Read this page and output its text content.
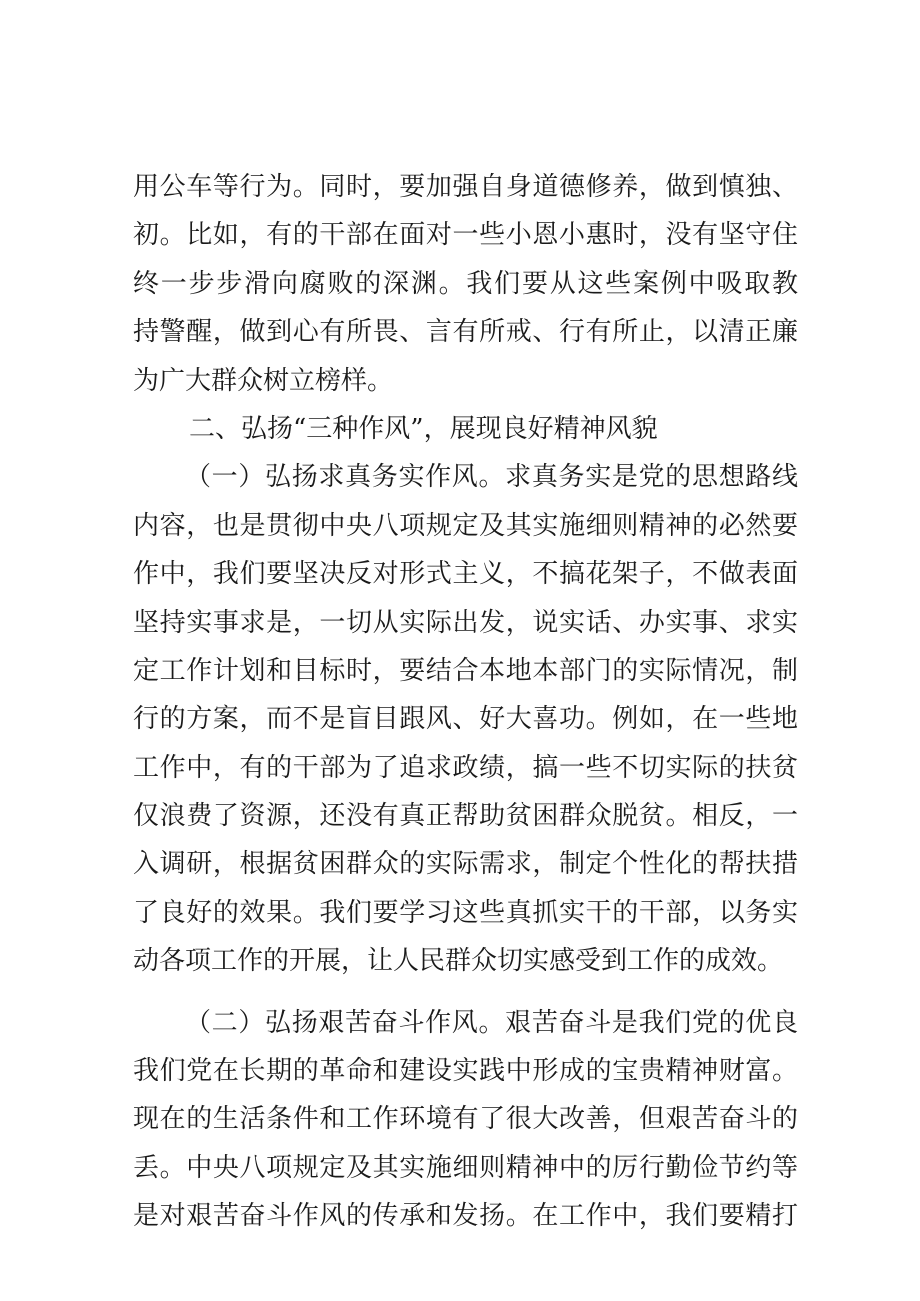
用公车等行为。同时，要加强自身道德修养，做到慎独、
初。比如，有的干部在面对一些小恩小惠时，没有坚守住
终一步步滑向腐败的深渊。我们要从这些案例中吸取教
持警醒，做到心有所畏、言有所戒、行有所止，以清正廉
为广大群众树立榜样。
二、弘扬“三种作风”，展现良好精神风貌
（一）弘扬求真务实作风。求真务实是党的思想路线
内容，也是贯彻中央八项规定及其实施细则精神的必然要
作中，我们要坚决反对形式主义，不搞花架子，不做表面
坚持实事求是，一切从实际出发，说实话、办实事、求实
定工作计划和目标时，要结合本地本部门的实际情况，制
行的方案，而不是盲目跟风、好大喜功。例如，在一些地
工作中，有的干部为了追求政绩，搞一些不切实际的扶贫
仅浪费了资源，还没有真正帮助贫困群众脱贫。相反，一
入调研，根据贫困群众的实际需求，制定个性化的帮扶措
了良好的效果。我们要学习这些真抓实干的干部，以务实
动各项工作的开展，让人民群众切实感受到工作的成效。
（二）弘扬艰苦奋斗作风。艰苦奋斗是我们党的优良
我们党在长期的革命和建设实践中形成的宝贵精神财富。
现在的生活条件和工作环境有了很大改善，但艰苦奋斗的
丢。中央八项规定及其实施细则精神中的厉行勤俭节约等
是对艰苦奋斗作风的传承和发扬。在工作中，我们要精打
